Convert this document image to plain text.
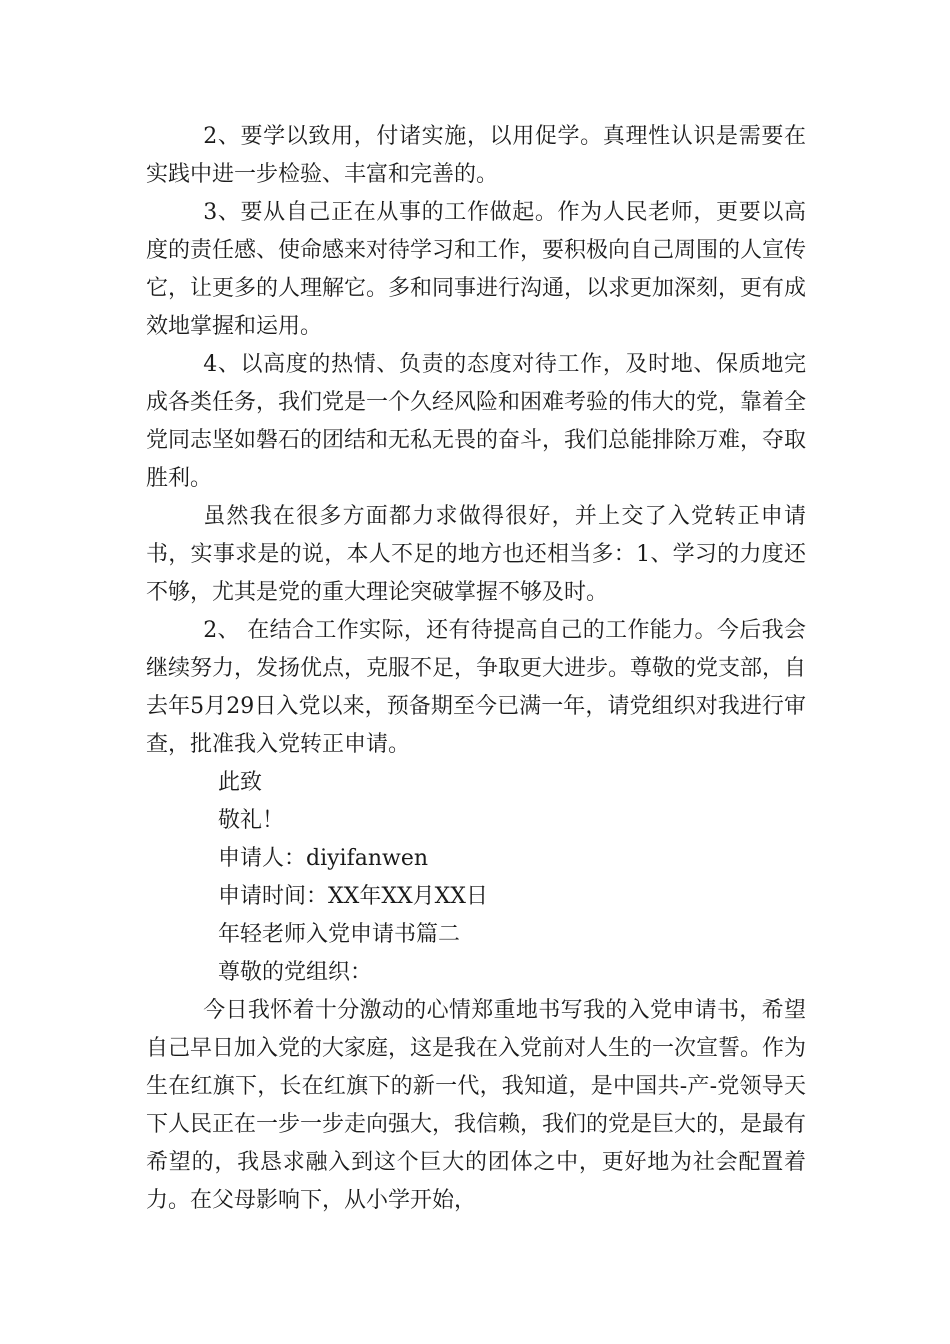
2、要学以致用，付诸实施，以用促学。真理性认识是需要在实践中进一步检验、丰富和完善的。

3、要从自己正在从事的工作做起。作为人民老师，更要以高度的责任感、使命感来对待学习和工作，要积极向自己周围的人宣传它，让更多的人理解它。多和同事进行沟通，以求更加深刻，更有成效地掌握和运用。

4、以高度的热情、负责的态度对待工作，及时地、保质地完成各类任务，我们党是一个久经风险和困难考验的伟大的党，靠着全党同志坚如磐石的团结和无私无畏的奋斗，我们总能排除万难，夺取胜利。

虽然我在很多方面都力求做得很好，并上交了入党转正申请书，实事求是的说，本人不足的地方也还相当多：1、学习的力度还不够，尤其是党的重大理论突破掌握不够及时。

2、 在结合工作实际，还有待提高自己的工作能力。今后我会继续努力，发扬优点，克服不足，争取更大进步。尊敬的党支部，自去年5月29日入党以来，预备期至今已满一年，请党组织对我进行审查，批准我入党转正申请。

此致

敬礼！

申请人：diyifanwen

申请时间：XX年XX月XX日

年轻老师入党申请书篇二

尊敬的党组织：

今日我怀着十分激动的心情郑重地书写我的入党申请书，希望自己早日加入党的大家庭，这是我在入党前对人生的一次宣誓。作为生在红旗下，长在红旗下的新一代，我知道，是中国共-产-党领导天下人民正在一步一步走向强大，我信赖，我们的党是巨大的，是最有希望的，我恳求融入到这个巨大的团体之中，更好地为社会配置着力。在父母影响下，从小学开始，
